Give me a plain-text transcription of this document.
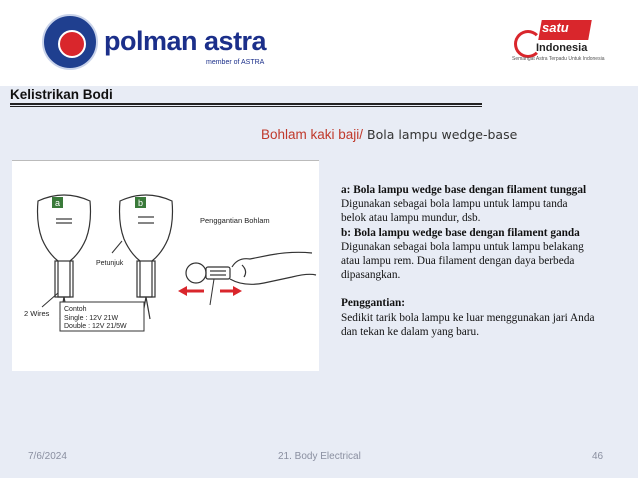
polman astra
member of ASTRA
satu
Indonesia
Semangat Astra Terpadu Untuk Indonesia
Kelistrikan Bodi
Bohlam kaki baji/ Bola lampu wedge-base
a	b
Petunjuk
Penggantian Bohlam
2 Wires Contoh
Single : 12V 21W
Double : 12V 21/5W

a: Bola lampu wedge base dengan filament tunggal

Digunakan sebagai bola lampu untuk lampu tanda

belok atau lampu mundur, dsb.

b: Bola lampu wedge base dengan filament ganda

Digunakan sebagai bola lampu untuk lampu belakang

atau lampu rem. Dua filament dengan daya berbeda

dipasangkan.

Penggantian:

Sedikit tarik bola lampu ke luar menggunakan jari Anda

dan tekan ke dalam yang baru.

7/6/2024	21. Body Electrical	46
